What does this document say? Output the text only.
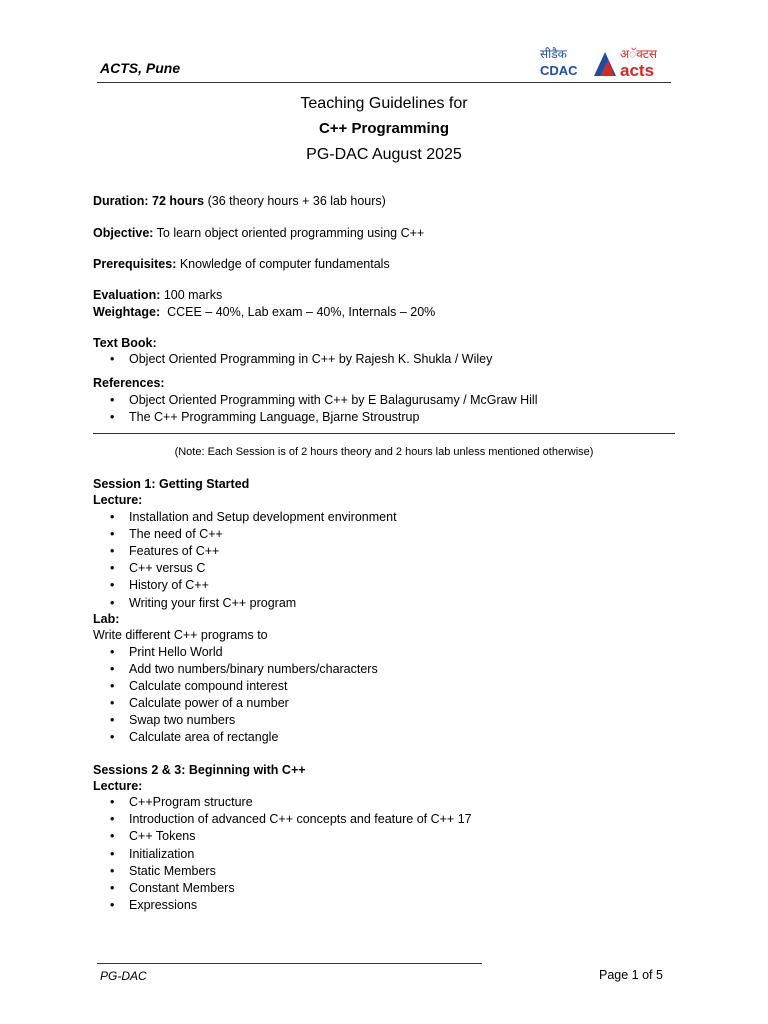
ACTS, Pune
सीडैक
CDAC
अॅक्टस
acts
Teaching Guidelines for
C++ Programming
PG-DAC August 2025
Duration: 72 hours (36 theory hours + 36 lab hours)
Objective: To learn object oriented programming using C++
Prerequisites: Knowledge of computer fundamentals
Evaluation: 100 marks
Weightage:  CCEE – 40%, Lab exam – 40%, Internals – 20%
Text Book:
Object Oriented Programming in C++ by Rajesh K. Shukla / Wiley
References:
Object Oriented Programming with C++ by E Balagurusamy / McGraw Hill
The C++ Programming Language, Bjarne Stroustrup
(Note: Each Session is of 2 hours theory and 2 hours lab unless mentioned otherwise)
Session 1: Getting Started
Lecture:
Installation and Setup development environment
The need of C++
Features of C++
C++ versus C
History of C++
Writing your first C++ program
Lab:
Write different C++ programs to
Print Hello World
Add two numbers/binary numbers/characters
Calculate compound interest
Calculate power of a number
Swap two numbers
Calculate area of rectangle
Sessions 2 & 3: Beginning with C++
Lecture:
C++Program structure
Introduction of advanced C++ concepts and feature of C++ 17
C++ Tokens
Initialization
Static Members
Constant Members
Expressions
PG-DAC	Page 1 of 5
